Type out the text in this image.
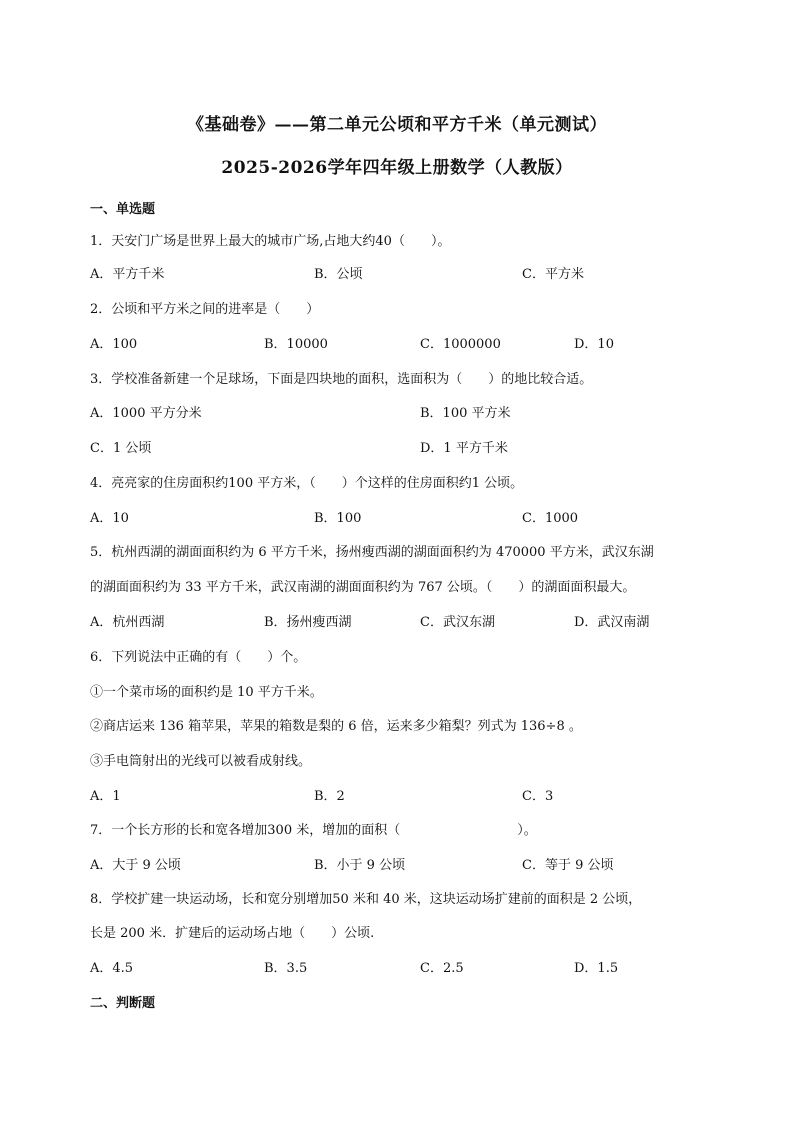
《基础卷》——第二单元公顷和平方千米（单元测试）
2025-2026学年四年级上册数学（人教版）
一、单选题
1．天安门广场是世界上最大的城市广场,占地大约40（　　）。
A．平方千米	B．公顷	C．平方米
2．公顷和平方米之间的进率是（　　）
A．100	B．10000	C．1000000	D．10
3．学校准备新建一个足球场，下面是四块地的面积，选面积为（　　）的地比较合适。
A．1000 平方分米	B．100 平方米
C．1 公顷	D．1 平方千米
4．亮亮家的住房面积约100 平方米，（　　）个这样的住房面积约1 公顷。
A．10	B．100	C．1000
5．杭州西湖的湖面面积约为 6 平方千米，扬州瘦西湖的湖面面积约为 470000 平方米，武汉东湖
的湖面面积约为 33 平方千米，武汉南湖的湖面面积约为 767 公顷。（　　）的湖面面积最大。
A．杭州西湖	B．扬州瘦西湖	C．武汉东湖	D．武汉南湖
6．下列说法中正确的有（　　）个。
①一个菜市场的面积约是 10 平方千米。
②商店运来 136 箱苹果，苹果的箱数是梨的 6 倍，运来多少箱梨？列式为 136÷8 。
③手电筒射出的光线可以被看成射线。
A．1	B．2	C．3
7．一个长方形的长和宽各增加300 米，增加的面积（　　　　　　　　　）。
A．大于 9 公顷	B．小于 9 公顷	C．等于 9 公顷
8．学校扩建一块运动场，长和宽分别增加50 米和 40 米，这块运动场扩建前的面积是 2 公顷，
长是 200 米．扩建后的运动场占地（　　）公顷.
A．4.5	B．3.5	C．2.5	D．1.5
二、判断题
